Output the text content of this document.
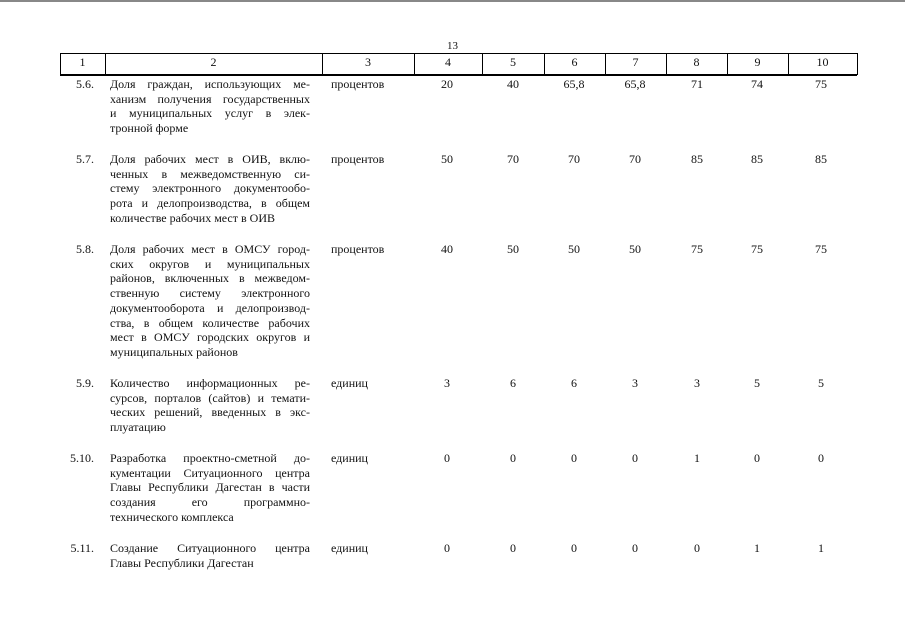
13
1	2	3	4	5	6	7	8	9	10
5.6. Доля граждан, использующих ме-
ханизм получения государственных
и муниципальных услуг в элек-
тронной форме
процентов	20	40	65,8	65,8	71	74	75
5.7. Доля рабочих мест в ОИВ, вклю-
ченных в межведомственную си-
стему электронного документообо-
рота и делопроизводства, в общем
количестве рабочих мест в ОИВ
процентов	50	70	70	70	85	85	85
5.8. Доля рабочих мест в ОМСУ город-
ских округов и муниципальных
районов, включенных в межведом-
ственную систему электронного
документооборота и делопроизвод-
ства, в общем количестве рабочих
мест в ОМСУ городских округов и
муниципальных районов
процентов	40	50	50	50	75	75	75
5.9. Количество информационных ре-
сурсов, порталов (сайтов) и темати-
ческих решений, введенных в экс-
плуатацию
единиц	3	6	6	3	3	5	5
5.10. Разработка проектно-сметной до-
кументации Ситуационного центра
Главы Республики Дагестан в части
создания его программно-
технического комплекса
единиц	0	0	0	0	1	0	0
5.11. Создание Ситуационного центра
Главы Республики Дагестан
единиц	0	0	0	0	0	1	1
